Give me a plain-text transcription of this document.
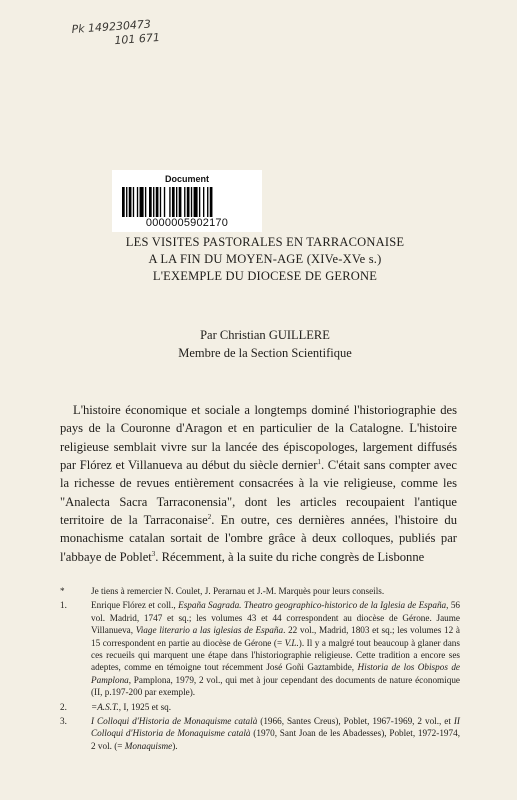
Pk 149230473
101 671
Document
0000005902170
LES VISITES PASTORALES EN TARRACONAISE
A LA FIN DU MOYEN-AGE (XIVe-XVe s.)
L'EXEMPLE DU DIOCESE DE GERONE
Par Christian GUILLERE
Membre de la Section Scientifique

L'histoire économique et sociale a longtemps dominé l'historiographie des pays de la Couronne d'Aragon et en particulier de la Catalogne. L'histoire religieuse semblait vivre sur la lancée des épiscopologes, largement diffusés par Flórez et Villanueva au début du siècle dernier$^1$. C'était sans compter avec la richesse de revues entièrement consacrées à la vie religieuse, comme les "Analecta Sacra Tarraconensia", dont les articles recoupaient l'antique territoire de la Tarraconaise$^2$. En outre, ces dernières années, l'histoire du monachisme catalan sortait de l'ombre grâce à deux colloques, publiés par l'abbaye de Poblet$^3$. Récemment, à la suite du riche congrès de Lisbonne

*	Je tiens à remercier N. Coulet, J. Perarnau et J.-M. Marquès pour leurs conseils.
1.	Enrique Flórez et coll., España Sagrada. Theatro geographico-historico de la Iglesia de España, 56 vol. Madrid, 1747 et sq.; les volumes 43 et 44 correspondent au diocèse de Gérone. Jaume Villanueva, Viage literario a las iglesias de España. 22 vol., Madrid, 1803 et sq.; les volumes 12 à 15 correspondent en partie au diocèse de Gérone (= V.L.). Il y a malgré tout beaucoup à glaner dans ces recueils qui marquent une étape dans l'historiographie religieuse. Cette tradition a encore ses adeptes, comme en témoigne tout récemment José Goñi Gaztambide, Historia de los Obispos de Pamplona, Pamplona, 1979, 2 vol., qui met à jour cependant des documents de nature économique (II, p.197-200 par exemple).
2.	=A.S.T., I, 1925 et sq.
3.	I Colloqui d'Historia de Monaquisme català (1966, Santes Creus), Poblet, 1967-1969, 2 vol., et II Colloqui d'Historia de Monaquisme català (1970, Sant Joan de les Abadesses), Poblet, 1972-1974, 2 vol. (= Monaquisme).
